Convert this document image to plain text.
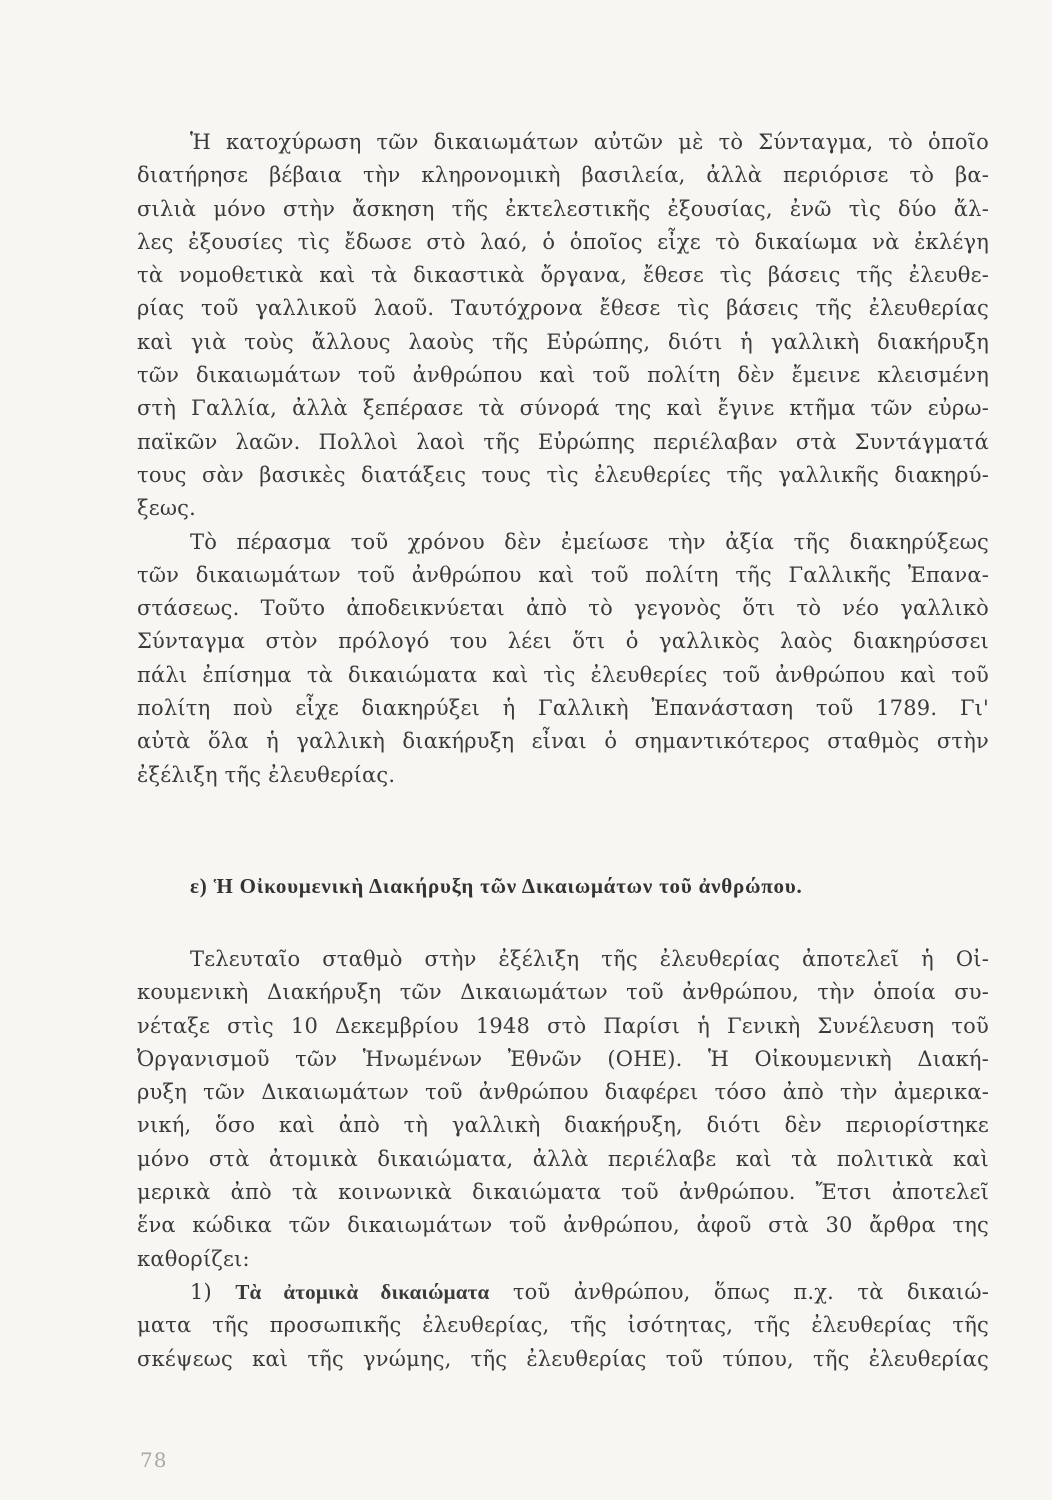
Ἡ κατοχύρωση τῶν δικαιωμάτων αὐτῶν μὲ τὸ Σύνταγμα, τὸ ὁποῖο
διατήρησε βέβαια τὴν κληρονομικὴ βασιλεία, ἀλλὰ περιόρισε τὸ βα-
σιλιὰ μόνο στὴν ἄσκηση τῆς ἐκτελεστικῆς ἐξουσίας, ἐνῶ τὶς δύο ἄλ-
λες ἐξουσίες τὶς ἔδωσε στὸ λαό, ὁ ὁποῖος εἶχε τὸ δικαίωμα νὰ ἐκλέγη
τὰ νομοθετικὰ καὶ τὰ δικαστικὰ ὄργανα, ἔθεσε τὶς βάσεις τῆς ἐλευθε-
ρίας τοῦ γαλλικοῦ λαοῦ. Ταυτόχρονα ἔθεσε τὶς βάσεις τῆς ἐλευθερίας
καὶ γιὰ τοὺς ἄλλους λαοὺς τῆς Εὐρώπης, διότι ἡ γαλλικὴ διακήρυξη
τῶν δικαιωμάτων τοῦ ἀνθρώπου καὶ τοῦ πολίτη δὲν ἔμεινε κλεισμένη
στὴ Γαλλία, ἀλλὰ ξεπέρασε τὰ σύνορά της καὶ ἔγινε κτῆμα τῶν εὐρω-
παϊκῶν λαῶν. Πολλοὶ λαοὶ τῆς Εὐρώπης περιέλαβαν στὰ Συντάγματά
τους σὰν βασικὲς διατάξεις τους τὶς ἐλευθερίες τῆς γαλλικῆς διακηρύ-
ξεως.
Τὸ πέρασμα τοῦ χρόνου δὲν ἐμείωσε τὴν ἀξία τῆς διακηρύξεως
τῶν δικαιωμάτων τοῦ ἀνθρώπου καὶ τοῦ πολίτη τῆς Γαλλικῆς Ἐπανα-
στάσεως. Τοῦτο ἀποδεικνύεται ἀπὸ τὸ γεγονὸς ὅτι τὸ νέο γαλλικὸ
Σύνταγμα στὸν πρόλογό του λέει ὅτι ὁ γαλλικὸς λαὸς διακηρύσσει
πάλι ἐπίσημα τὰ δικαιώματα καὶ τὶς ἐλευθερίες τοῦ ἀνθρώπου καὶ τοῦ
πολίτη ποὺ εἶχε διακηρύξει ἡ Γαλλικὴ Ἐπανάσταση τοῦ 1789. Γι'
αὐτὰ ὅλα ἡ γαλλικὴ διακήρυξη εἶναι ὁ σημαντικότερος σταθμὸς στὴν
ἐξέλιξη τῆς ἐλευθερίας.
ε) Ἡ Οἰκουμενικὴ Διακήρυξη τῶν Δικαιωμάτων τοῦ ἀνθρώπου.
Τελευταῖο σταθμὸ στὴν ἐξέλιξη τῆς ἐλευθερίας ἀποτελεῖ ἡ Οἰ-
κουμενικὴ Διακήρυξη τῶν Δικαιωμάτων τοῦ ἀνθρώπου, τὴν ὁποία συ-
νέταξε στὶς 10 Δεκεμβρίου 1948 στὸ Παρίσι ἡ Γενικὴ Συνέλευση τοῦ
Ὀργανισμοῦ τῶν Ἡνωμένων Ἐθνῶν (ΟΗΕ). Ἡ Οἰκουμενικὴ Διακή-
ρυξη τῶν Δικαιωμάτων τοῦ ἀνθρώπου διαφέρει τόσο ἀπὸ τὴν ἀμερικα-
νική, ὅσο καὶ ἀπὸ τὴ γαλλικὴ διακήρυξη, διότι δὲν περιορίστηκε
μόνο στὰ ἀτομικὰ δικαιώματα, ἀλλὰ περιέλαβε καὶ τὰ πολιτικὰ καὶ
μερικὰ ἀπὸ τὰ κοινωνικὰ δικαιώματα τοῦ ἀνθρώπου. Ἔτσι ἀποτελεῖ
ἕνα κώδικα τῶν δικαιωμάτων τοῦ ἀνθρώπου, ἀφοῦ στὰ 30 ἄρθρα της
καθορίζει:
1) Τὰ ἀτομικὰ δικαιώματα τοῦ ἀνθρώπου, ὅπως π.χ. τὰ δικαιώ-
ματα τῆς προσωπικῆς ἐλευθερίας, τῆς ἰσότητας, τῆς ἐλευθερίας τῆς
σκέψεως καὶ τῆς γνώμης, τῆς ἐλευθερίας τοῦ τύπου, τῆς ἐλευθερίας
78
